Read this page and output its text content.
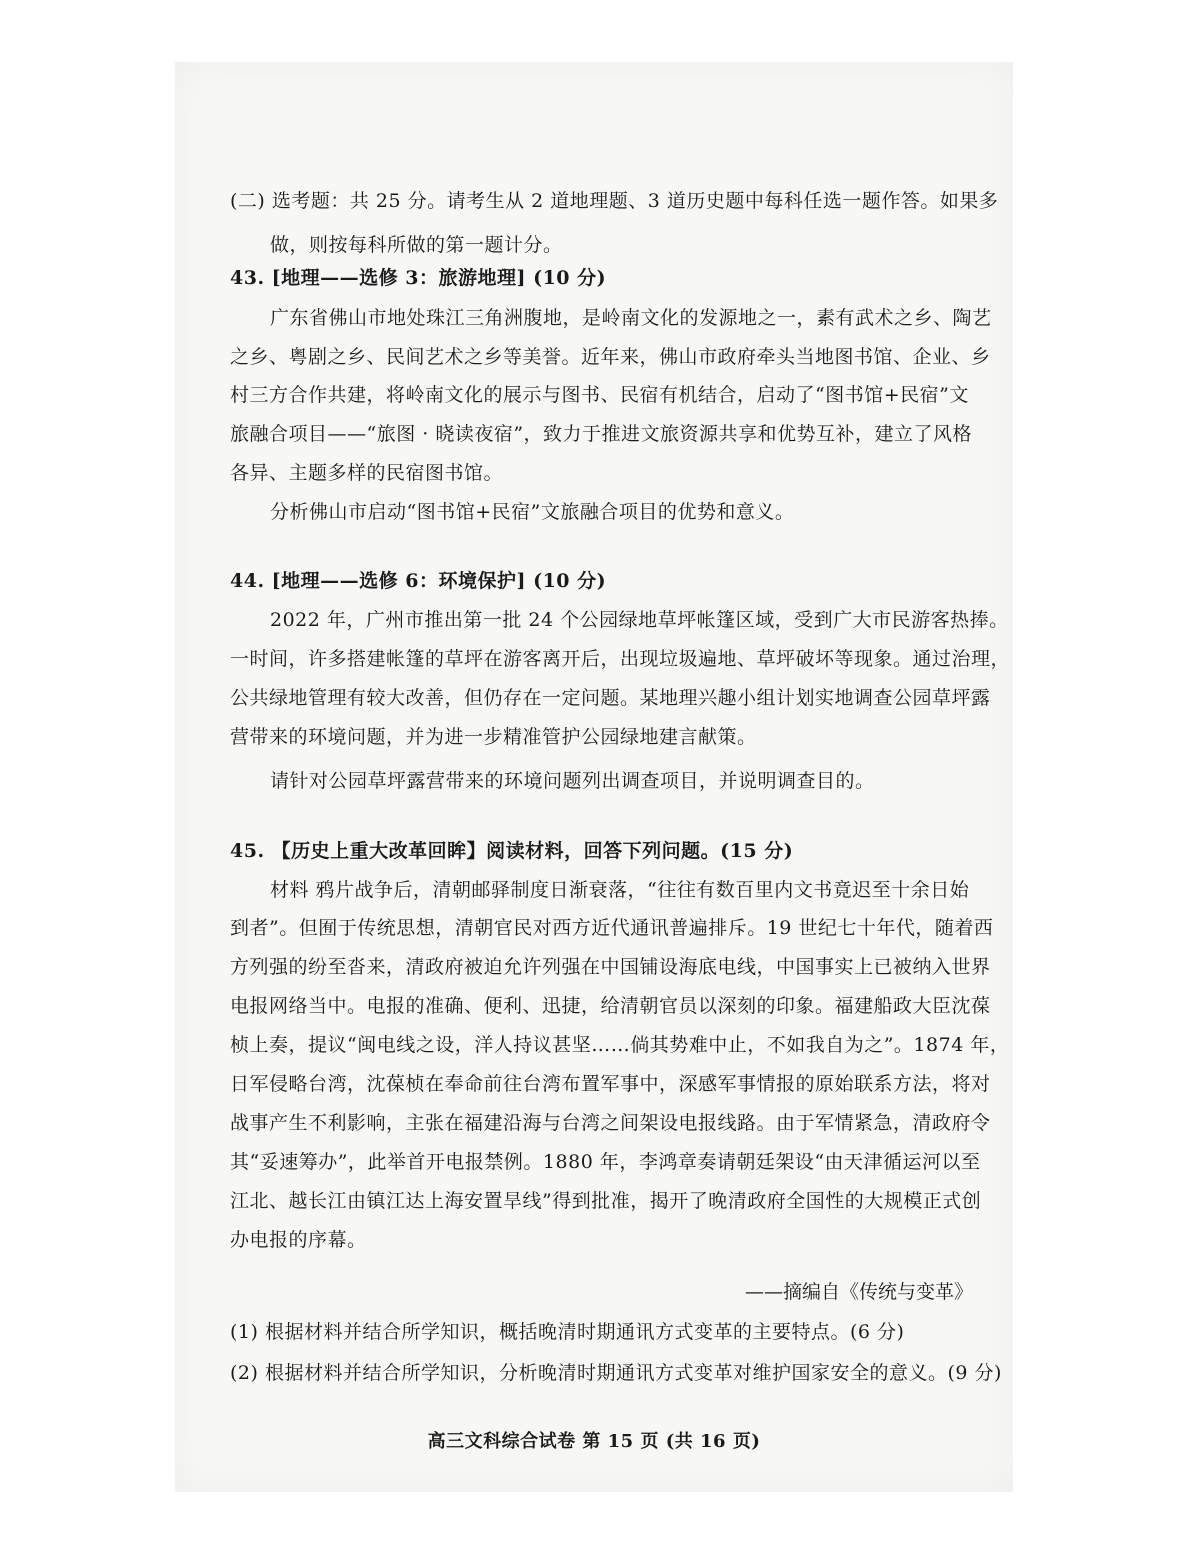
(二) 选考题：共 25 分。请考生从 2 道地理题、3 道历史题中每科任选一题作答。如果多
做，则按每科所做的第一题计分。
43. [地理——选修 3：旅游地理] (10 分)
广东省佛山市地处珠江三角洲腹地，是岭南文化的发源地之一，素有武术之乡、陶艺
之乡、粤剧之乡、民间艺术之乡等美誉。近年来，佛山市政府牵头当地图书馆、企业、乡
村三方合作共建，将岭南文化的展示与图书、民宿有机结合，启动了“图书馆+民宿”文
旅融合项目——“旅图 · 晓读夜宿”，致力于推进文旅资源共享和优势互补，建立了风格
各异、主题多样的民宿图书馆。
分析佛山市启动“图书馆+民宿”文旅融合项目的优势和意义。
44. [地理——选修 6：环境保护] (10 分)
2022 年，广州市推出第一批 24 个公园绿地草坪帐篷区域，受到广大市民游客热捧。
一时间，许多搭建帐篷的草坪在游客离开后，出现垃圾遍地、草坪破坏等现象。通过治理，
公共绿地管理有较大改善，但仍存在一定问题。某地理兴趣小组计划实地调查公园草坪露
营带来的环境问题，并为进一步精准管护公园绿地建言献策。
请针对公园草坪露营带来的环境问题列出调查项目，并说明调查目的。
45. 【历史上重大改革回眸】阅读材料，回答下列问题。(15 分)
材料 鸦片战争后，清朝邮驿制度日渐衰落，“往往有数百里内文书竟迟至十余日始
到者”。但囿于传统思想，清朝官民对西方近代通讯普遍排斥。19 世纪七十年代，随着西
方列强的纷至沓来，清政府被迫允许列强在中国铺设海底电线，中国事实上已被纳入世界
电报网络当中。电报的准确、便利、迅捷，给清朝官员以深刻的印象。福建船政大臣沈葆
桢上奏，提议“闽电线之设，洋人持议甚坚……倘其势难中止，不如我自为之”。1874 年，
日军侵略台湾，沈葆桢在奉命前往台湾布置军事中，深感军事情报的原始联系方法，将对
战事产生不利影响，主张在福建沿海与台湾之间架设电报线路。由于军情紧急，清政府令
其“妥速筹办”，此举首开电报禁例。1880 年，李鸿章奏请朝廷架设“由天津循运河以至
江北、越长江由镇江达上海安置旱线”得到批准，揭开了晚清政府全国性的大规模正式创
办电报的序幕。
——摘编自《传统与变革》
(1) 根据材料并结合所学知识，概括晚清时期通讯方式变革的主要特点。(6 分)
(2) 根据材料并结合所学知识，分析晚清时期通讯方式变革对维护国家安全的意义。(9 分)
高三文科综合试卷 第 15 页 (共 16 页)
